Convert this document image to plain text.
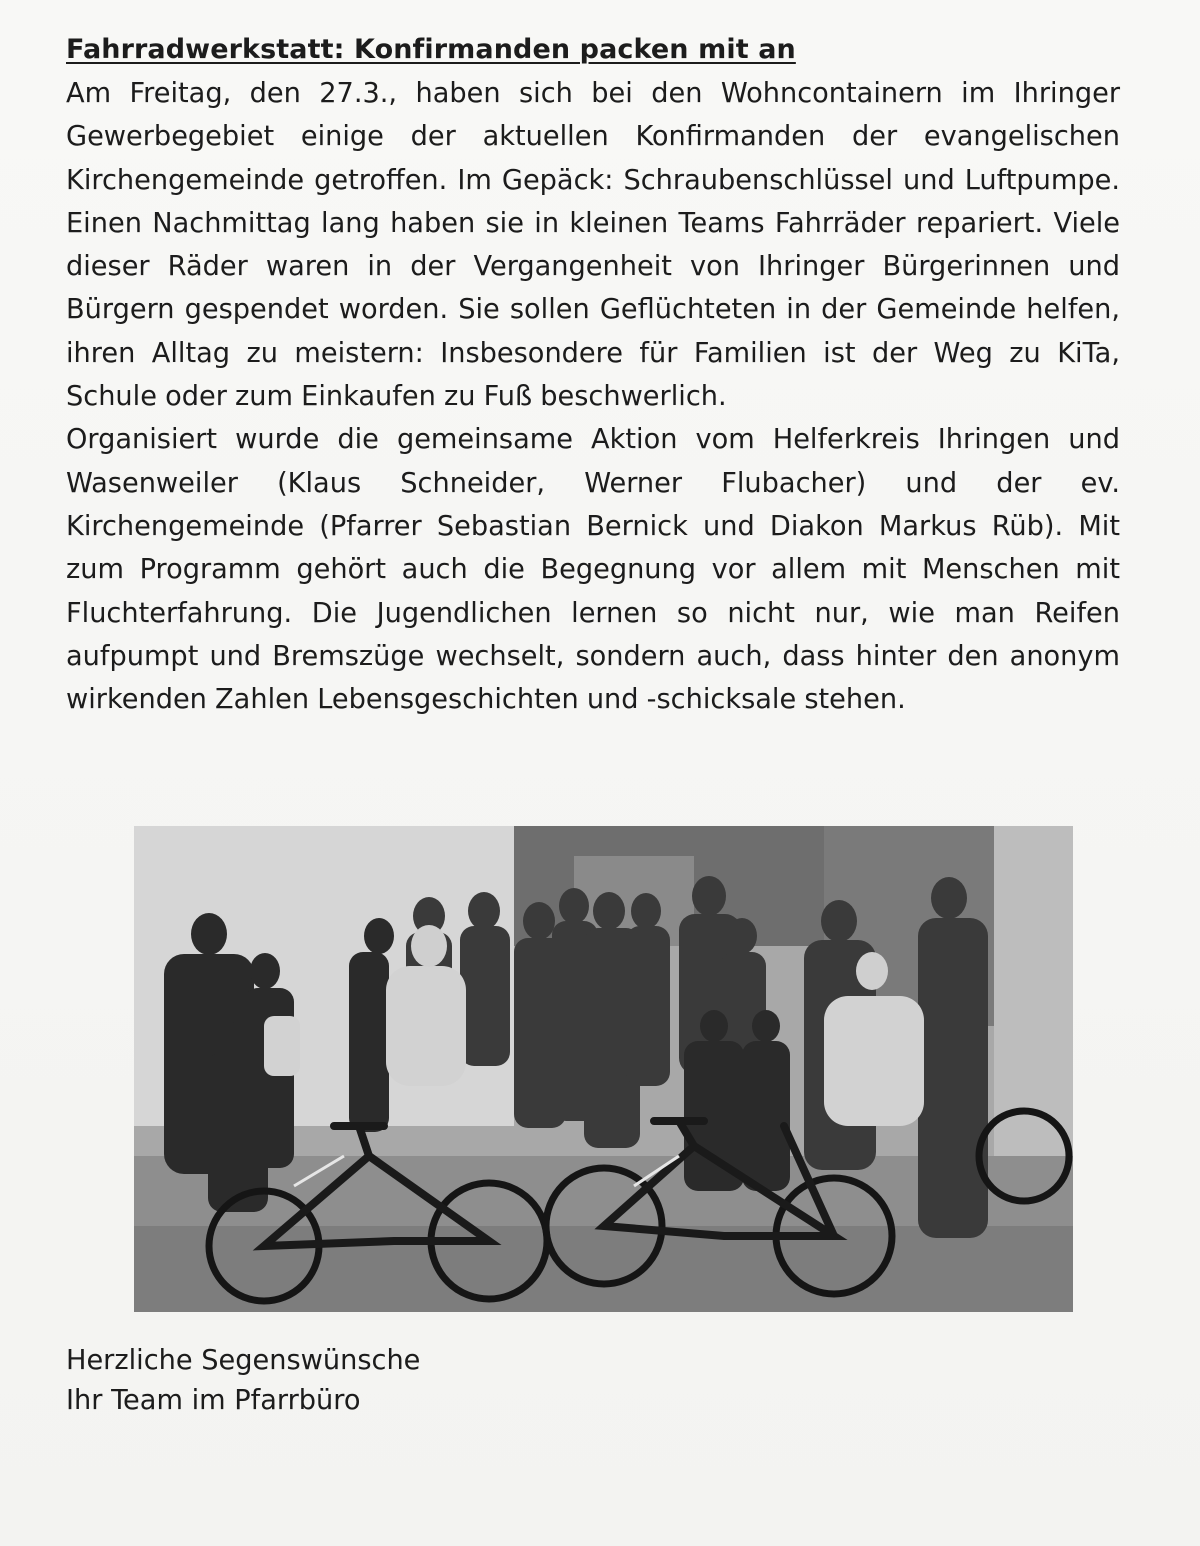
Fahrradwerkstatt: Konfirmanden packen mit an

Am Freitag, den 27.3., haben sich bei den Wohncontainern im Ihringer Gewerbegebiet einige der aktuellen Konfirmanden der evangelischen Kirchengemeinde getroffen. Im Gepäck: Schraubenschlüssel und Luftpumpe. Einen Nachmittag lang haben sie in kleinen Teams Fahrräder repariert. Viele dieser Räder waren in der Vergangenheit von Ihringer Bürgerinnen und Bürgern gespendet worden. Sie sollen Geflüchteten in der Gemeinde helfen, ihren Alltag zu meistern: Insbesondere für Familien ist der Weg zu KiTa, Schule oder zum Einkaufen zu Fuß beschwerlich.

Organisiert wurde die gemeinsame Aktion vom Helferkreis Ihringen und Wasenweiler (Klaus Schneider, Werner Flubacher) und der ev. Kirchengemeinde (Pfarrer Sebastian Bernick und Diakon Markus Rüb). Mit zum Programm gehört auch die Begegnung vor allem mit Menschen mit Fluchterfahrung. Die Jugendlichen lernen so nicht nur, wie man Reifen aufpumpt und Bremszüge wechselt, sondern auch, dass hinter den anonym wirkenden Zahlen Lebensgeschichten und -schicksale stehen.

Herzliche Segenswünsche
Ihr Team im Pfarrbüro
